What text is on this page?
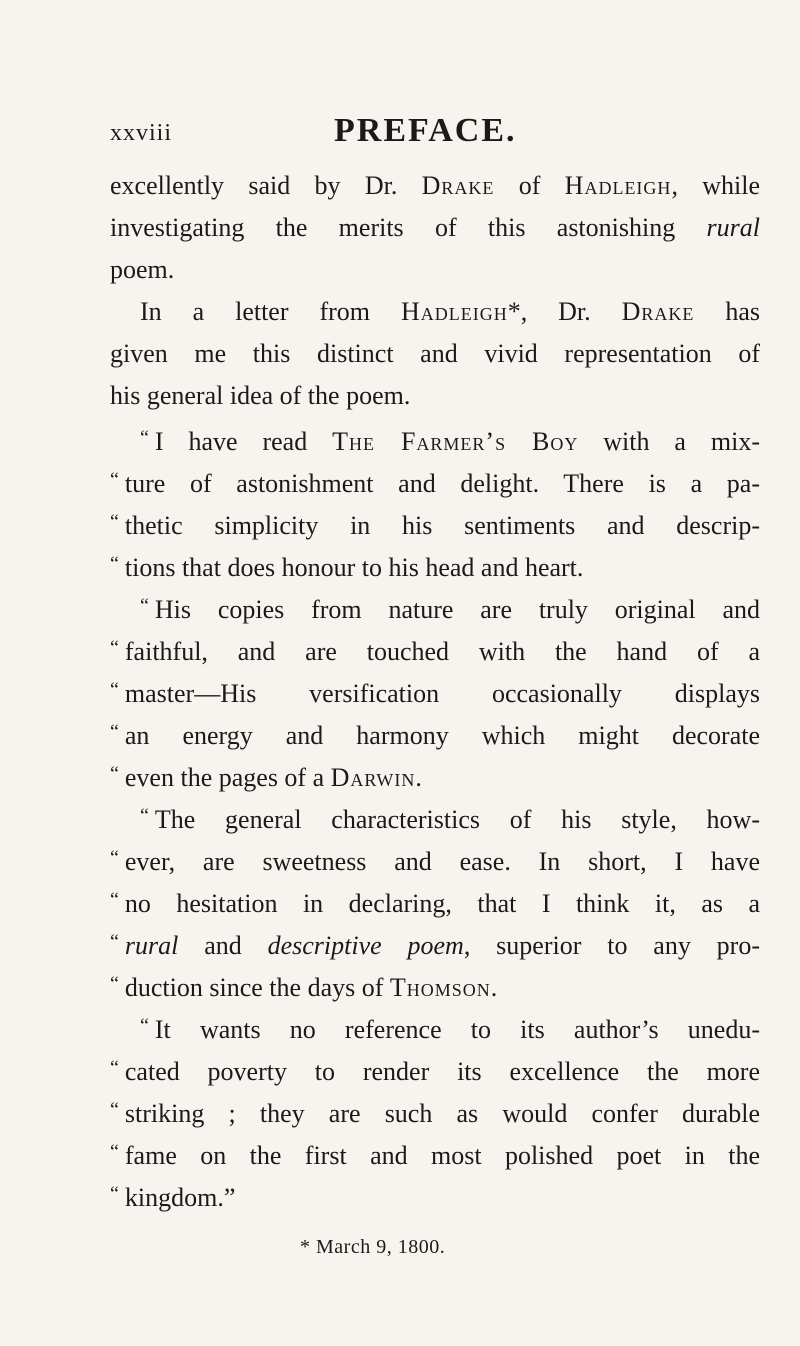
xxviii	PREFACE.
excellently said by Dr. Drake of Hadleigh, while
investigating the merits of this astonishing rural
poem.
In a letter from Hadleigh*, Dr. Drake has
given me this distinct and vivid representation of
his general idea of the poem.
“ I have read The Farmer’s Boy with a mix-
“ ture of astonishment and delight. There is a pa-
“ thetic simplicity in his sentiments and descrip-
“ tions that does honour to his head and heart.
“ His copies from nature are truly original and
“ faithful, and are touched with the hand of a
“ master—His versification occasionally displays
“ an energy and harmony which might decorate
“ even the pages of a Darwin.
“ The general characteristics of his style, how-
“ ever, are sweetness and ease. In short, I have
“ no hesitation in declaring, that I think it, as a
“ rural and descriptive poem, superior to any pro-
“ duction since the days of Thomson.
“ It wants no reference to its author’s unedu-
“ cated poverty to render its excellence the more
“ striking ; they are such as would confer durable
“ fame on the first and most polished poet in the
“ kingdom.”
* March 9, 1800.
